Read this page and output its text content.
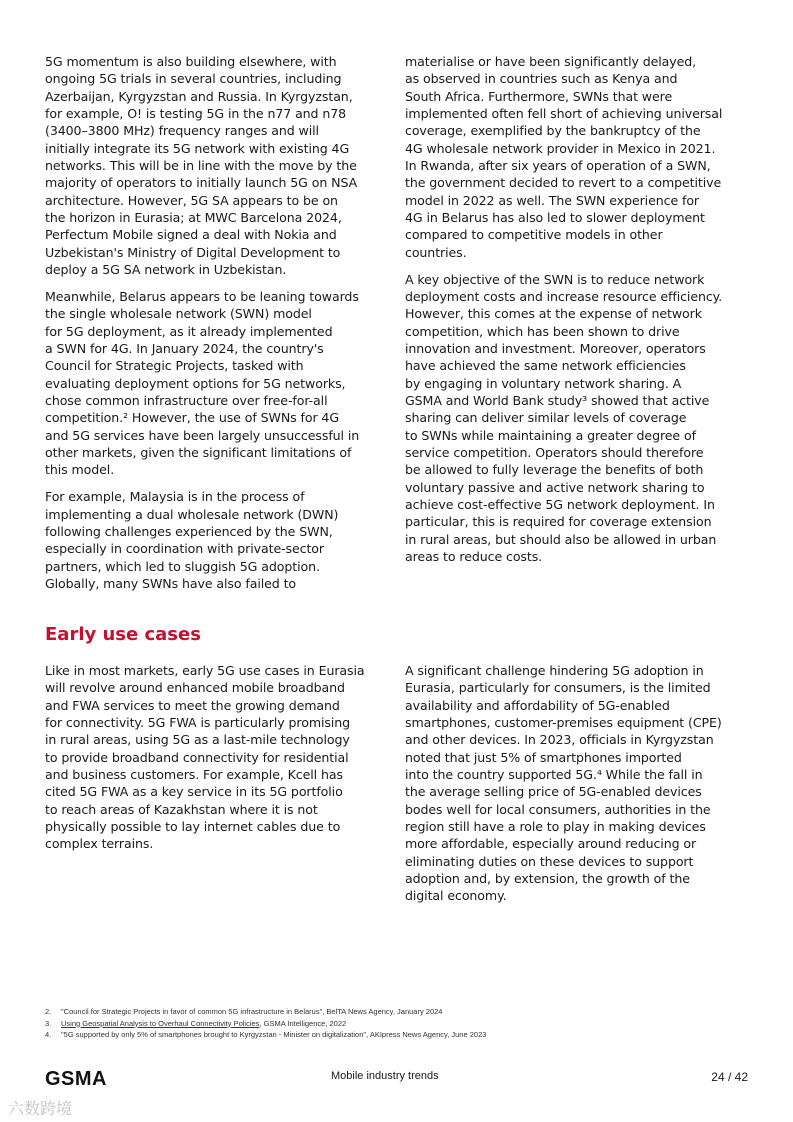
5G momentum is also building elsewhere, with
ongoing 5G trials in several countries, including
Azerbaijan, Kyrgyzstan and Russia. In Kyrgyzstan,
for example, O! is testing 5G in the n77 and n78
(3400–3800 MHz) frequency ranges and will
initially integrate its 5G network with existing 4G
networks. This will be in line with the move by the
majority of operators to initially launch 5G on NSA
architecture. However, 5G SA appears to be on
the horizon in Eurasia; at MWC Barcelona 2024,
Perfectum Mobile signed a deal with Nokia and
Uzbekistan's Ministry of Digital Development to
deploy a 5G SA network in Uzbekistan.

Meanwhile, Belarus appears to be leaning towards
the single wholesale network (SWN) model
for 5G deployment, as it already implemented
a SWN for 4G. In January 2024, the country's
Council for Strategic Projects, tasked with
evaluating deployment options for 5G networks,
chose common infrastructure over free-for-all
competition.² However, the use of SWNs for 4G
and 5G services have been largely unsuccessful in
other markets, given the significant limitations of
this model.

For example, Malaysia is in the process of
implementing a dual wholesale network (DWN)
following challenges experienced by the SWN,
especially in coordination with private-sector
partners, which led to sluggish 5G adoption.
Globally, many SWNs have also failed to

materialise or have been significantly delayed,
as observed in countries such as Kenya and
South Africa. Furthermore, SWNs that were
implemented often fell short of achieving universal
coverage, exemplified by the bankruptcy of the
4G wholesale network provider in Mexico in 2021.
In Rwanda, after six years of operation of a SWN,
the government decided to revert to a competitive
model in 2022 as well. The SWN experience for
4G in Belarus has also led to slower deployment
compared to competitive models in other
countries.

A key objective of the SWN is to reduce network
deployment costs and increase resource efficiency.
However, this comes at the expense of network
competition, which has been shown to drive
innovation and investment. Moreover, operators
have achieved the same network efficiencies
by engaging in voluntary network sharing. A
GSMA and World Bank study³ showed that active
sharing can deliver similar levels of coverage
to SWNs while maintaining a greater degree of
service competition. Operators should therefore
be allowed to fully leverage the benefits of both
voluntary passive and active network sharing to
achieve cost-effective 5G network deployment. In
particular, this is required for coverage extension
in rural areas, but should also be allowed in urban
areas to reduce costs.

Early use cases

Like in most markets, early 5G use cases in Eurasia
will revolve around enhanced mobile broadband
and FWA services to meet the growing demand
for connectivity. 5G FWA is particularly promising
in rural areas, using 5G as a last-mile technology
to provide broadband connectivity for residential
and business customers. For example, Kcell has
cited 5G FWA as a key service in its 5G portfolio
to reach areas of Kazakhstan where it is not
physically possible to lay internet cables due to
complex terrains.

A significant challenge hindering 5G adoption in
Eurasia, particularly for consumers, is the limited
availability and affordability of 5G-enabled
smartphones, customer-premises equipment (CPE)
and other devices. In 2023, officials in Kyrgyzstan
noted that just 5% of smartphones imported
into the country supported 5G.⁴ While the fall in
the average selling price of 5G-enabled devices
bodes well for local consumers, authorities in the
region still have a role to play in making devices
more affordable, especially around reducing or
eliminating duties on these devices to support
adoption and, by extension, the growth of the
digital economy.

2. "Council for Strategic Projects in favor of common 5G infrastructure in Belarus", BelTA News Agency, January 2024
3. Using Geospatial Analysis to Overhaul Connectivity Policies, GSMA Intelligence, 2022
4. "5G supported by only 5% of smartphones brought to Kyrgyzstan - Minister on digitalization", AKIpress News Agency, June 2023
GSMA	Mobile industry trends	24 / 42
六数跨境
